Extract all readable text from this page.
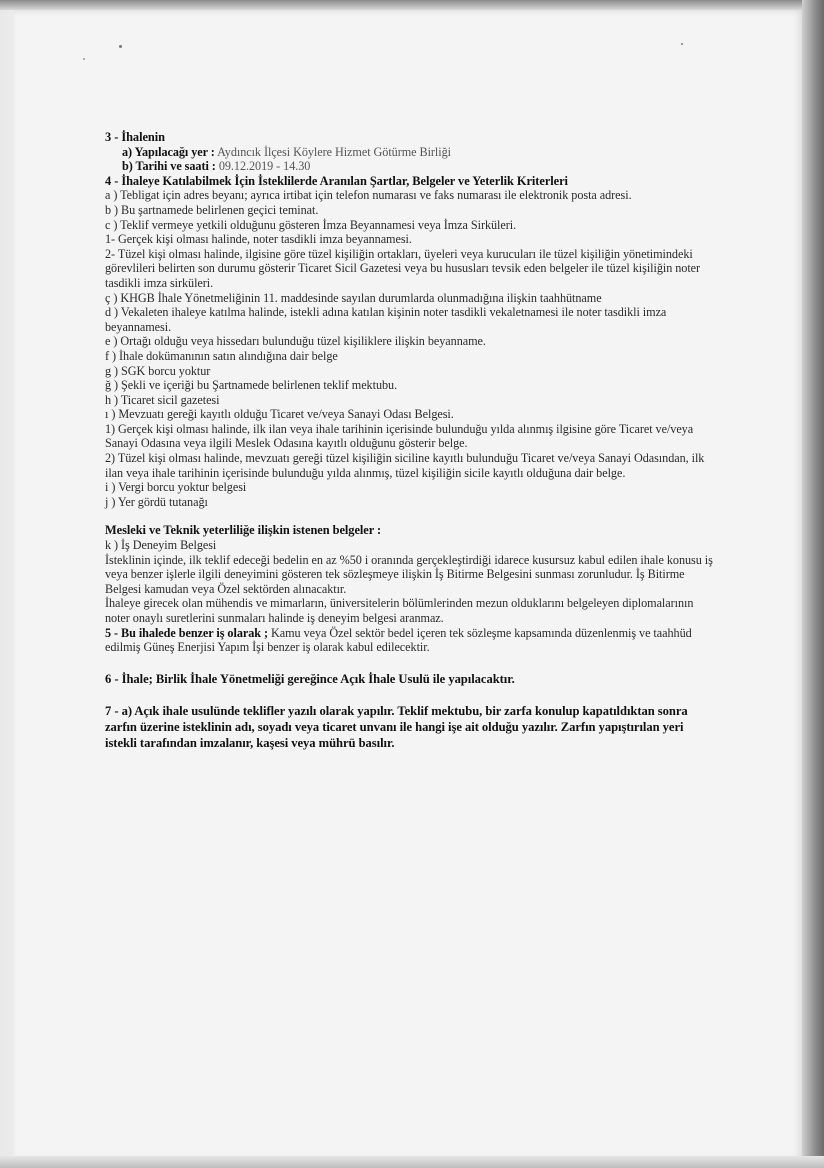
3 - İhalenin

a) Yapılacağı yer : Aydıncık İlçesi Köylere Hizmet Götürme Birliği

b) Tarihi ve saati : 09.12.2019 - 14.30

4 - İhaleye Katılabilmek İçin İsteklilerde Aranılan Şartlar, Belgeler ve Yeterlik Kriterleri

a ) Tebligat için adres beyanı; ayrıca irtibat için telefon numarası ve faks numarası ile elektronik posta adresi.

b ) Bu şartnamede belirlenen geçici teminat.

c ) Teklif vermeye yetkili olduğunu gösteren İmza Beyannamesi veya İmza Sirküleri.

1- Gerçek kişi olması halinde, noter tasdikli imza beyannamesi.

2- Tüzel kişi olması halinde, ilgisine göre tüzel kişiliğin ortakları, üyeleri veya kurucuları ile tüzel kişiliğin yönetimindeki görevlileri belirten son durumu gösterir Ticaret Sicil Gazetesi veya bu hususları tevsik eden belgeler ile tüzel kişiliğin noter tasdikli imza sirküleri.

ç ) KHGB İhale Yönetmeliğinin 11. maddesinde sayılan durumlarda olunmadığına ilişkin taahhütname

d ) Vekaleten ihaleye katılma halinde, istekli adına katılan kişinin noter tasdikli vekaletnamesi ile noter tasdikli imza beyannamesi.

e ) Ortağı olduğu veya hissedarı bulunduğu tüzel kişiliklere ilişkin beyanname.

f ) İhale dokümanının satın alındığına dair belge

g ) SGK borcu yoktur

ğ ) Şekli ve içeriği bu Şartnamede belirlenen teklif mektubu.

h ) Ticaret sicil gazetesi

ı ) Mevzuatı gereği kayıtlı olduğu Ticaret ve/veya Sanayi Odası Belgesi.

1) Gerçek kişi olması halinde, ilk ilan veya ihale tarihinin içerisinde bulunduğu yılda alınmış ilgisine göre Ticaret ve/veya Sanayi Odasına veya ilgili Meslek Odasına kayıtlı olduğunu gösterir belge.

2) Tüzel kişi olması halinde, mevzuatı gereği tüzel kişiliğin siciline kayıtlı bulunduğu Ticaret ve/veya Sanayi Odasından, ilk ilan veya ihale tarihinin içerisinde bulunduğu yılda alınmış, tüzel kişiliğin sicile kayıtlı olduğuna dair belge.

i ) Vergi borcu yoktur belgesi

j ) Yer gördü tutanağı

Mesleki ve Teknik yeterliliğe ilişkin istenen belgeler :

k ) İş Deneyim Belgesi

İsteklinin içinde, ilk teklif edeceği bedelin en az %50 i oranında gerçekleştirdiği idarece kusursuz kabul edilen ihale konusu iş veya benzer işlerle ilgili deneyimini gösteren tek sözleşmeye ilişkin İş Bitirme Belgesini sunması zorunludur. İş Bitirme Belgesi kamudan veya Özel sektörden alınacaktır.

İhaleye girecek olan mühendis ve mimarların, üniversitelerin bölümlerinden mezun olduklarını belgeleyen diplomalarının noter onaylı suretlerini sunmaları halinde iş deneyim belgesi aranmaz.

5 - Bu ihalede benzer iş olarak ; Kamu veya Özel sektör bedel içeren tek sözleşme kapsamında düzenlenmiş ve taahhüd edilmiş Güneş Enerjisi Yapım İşi benzer iş olarak kabul edilecektir.

6 - İhale; Birlik İhale Yönetmeliği gereğince Açık İhale Usulü ile yapılacaktır.

7 - a) Açık ihale usulünde teklifler yazılı olarak yapılır. Teklif mektubu, bir zarfa konulup kapatıldıktan sonra zarfın üzerine isteklinin adı, soyadı veya ticaret unvanı ile hangi işe ait olduğu yazılır. Zarfın yapıştırılan yeri istekli tarafından imzalanır, kaşesi veya mührü basılır.
